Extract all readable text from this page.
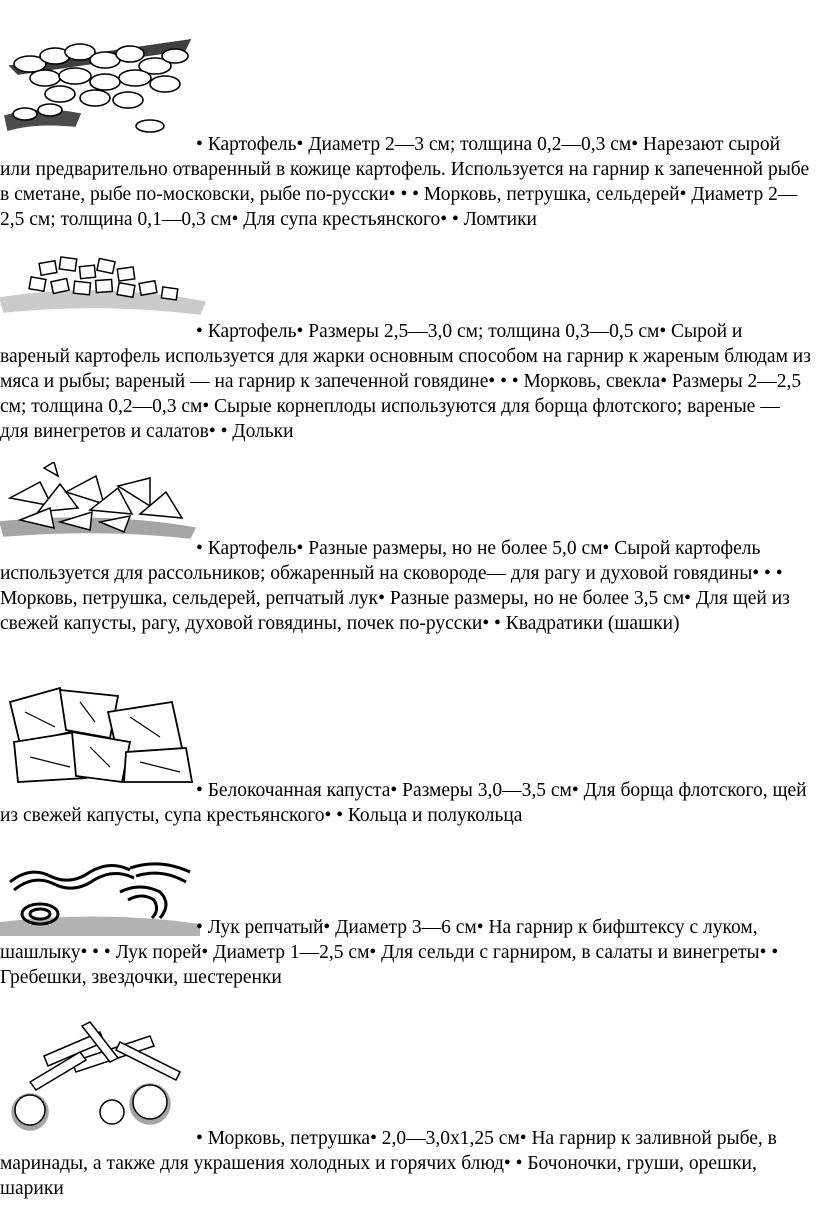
• Картофель• Диаметр 2—3 см; толщина 0,2—0,3 см• Нарезают сырой или предварительно отваренный в кожице картофель. Используется на гарнир к запеченной рыбе в сметане, рыбе по-московски, рыбе по-русски• • • Морковь, петрушка, сельдерей• Диаметр 2—2,5 см; толщина 0,1—0,3 см• Для супа крестьянского• • Ломтики
• Картофель• Размеры 2,5—3,0 см; толщина 0,3—0,5 см• Сырой и вареный картофель используется для жарки основным способом на гарнир к жареным блюдам из мяса и рыбы; вареный — на гарнир к запеченной говядине• • • Морковь, свекла• Размеры 2—2,5 см; толщина 0,2—0,3 см• Сырые корнеплоды используются для борща флотского; вареные — для винегретов и салатов• • Дольки
• Картофель• Разные размеры, но не более 5,0 см• Сырой картофель используется для рассольников; обжаренный на сковороде— для рагу и духовой говядины• • • Морковь, петрушка, сельдерей, репчатый лук• Разные размеры, но не более 3,5 см• Для щей из свежей капусты, рагу, духовой говядины, почек по-русски• • Квадратики (шашки)
• Белокочанная капуста• Размеры 3,0—3,5 см• Для борща флотского, щей из свежей капусты, супа крестьянского• • Кольца и полукольца
• Лук репчатый• Диаметр 3—6 см• На гарнир к бифштексу с луком, шашлыку• • • Лук порей• Диаметр 1—2,5 см• Для сельди с гарниром, в салаты и винегреты• • Гребешки, звездочки, шестеренки
• Морковь, петрушка• 2,0—3,0х1,25 см• На гарнир к заливной рыбе, в маринады, а также для украшения холодных и горячих блюд• • Бочоночки, груши, орешки, шарики
